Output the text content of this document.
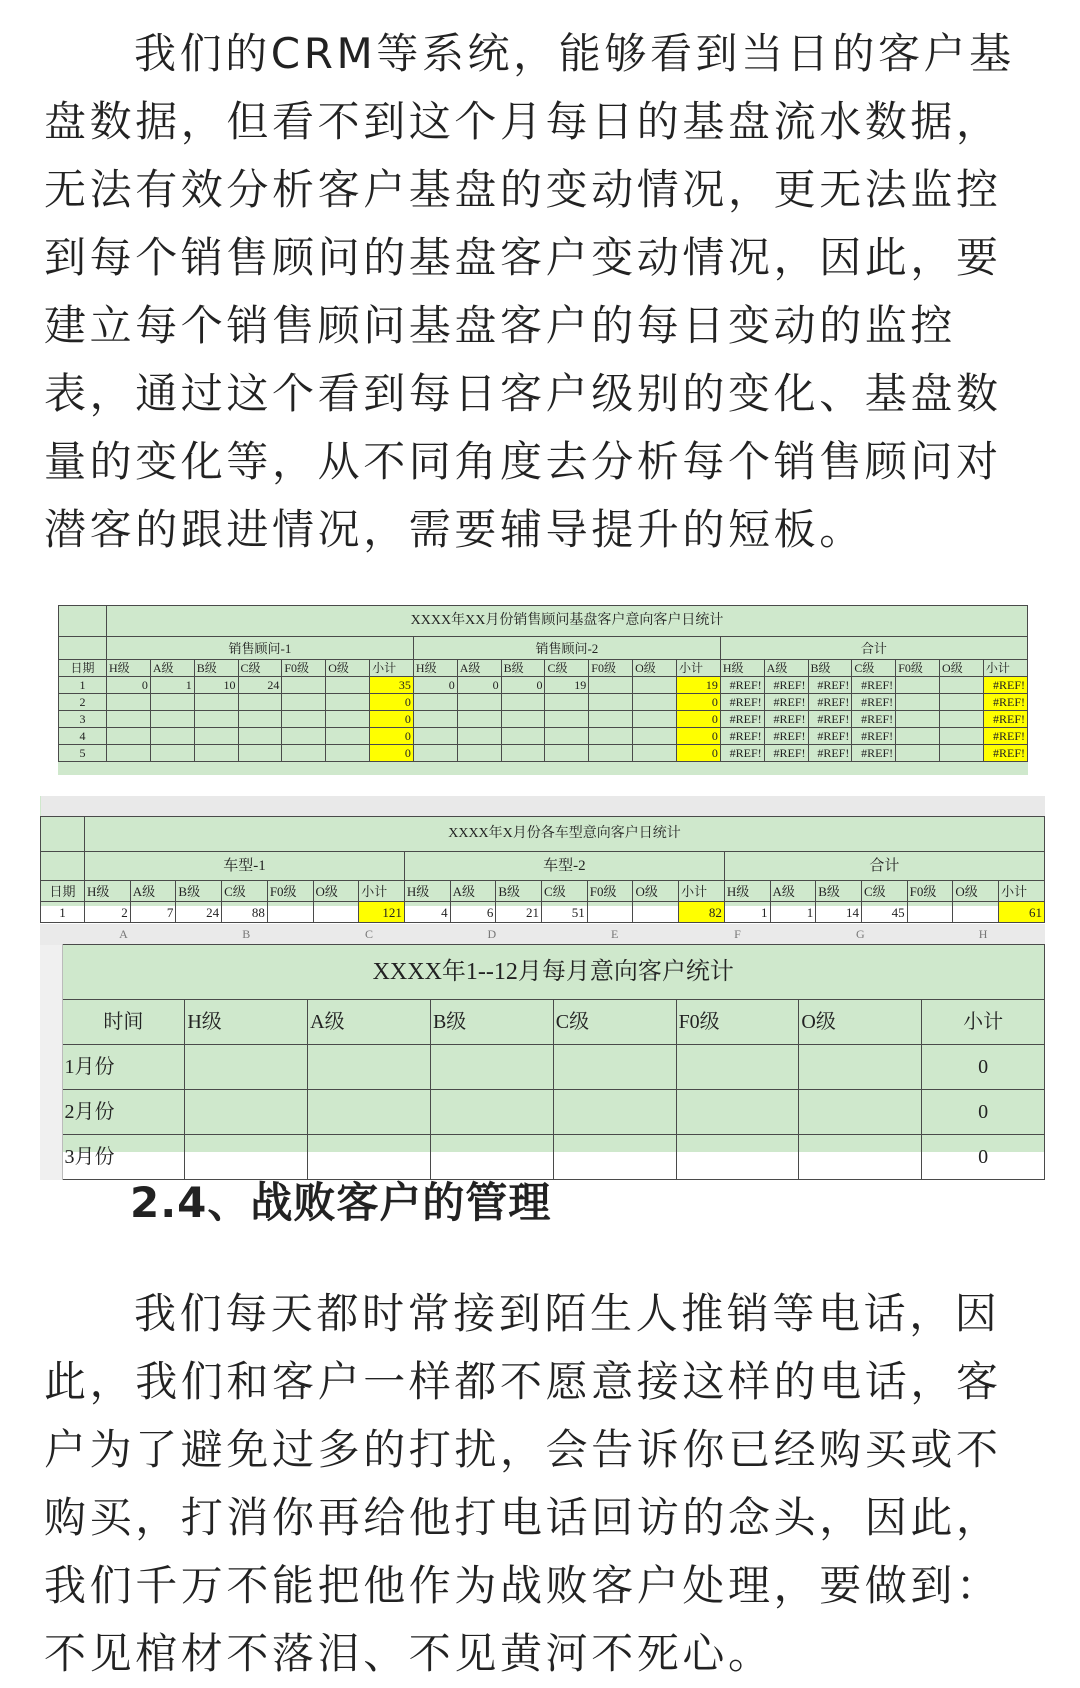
我们的CRM等系统，能够看到当日的客户基盘数据，但看不到这个月每日的基盘流水数据，无法有效分析客户基盘的变动情况，更无法监控到每个销售顾问的基盘客户变动情况，因此，要建立每个销售顾问基盘客户的每日变动的监控表，通过这个看到每日客户级别的变化、基盘数量的变化等，从不同角度去分析每个销售顾问对潜客的跟进情况，需要辅导提升的短板。

	XXXX年XX月份销售顾问基盘客户意向客户日统计																				
	销售顾问-1							销售顾问-2							合计						
日期	H级	A级	B级	C级	F0级	O级	小计	H级	A级	B级	C级	F0级	O级	小计	H级	A级	B级	C级	F0级	O级	小计
1	0	1	10	24			35	0	0	0	19			19	#REF!	#REF!	#REF!	#REF!			#REF!
2							0							0	#REF!	#REF!	#REF!	#REF!			#REF!
3							0							0	#REF!	#REF!	#REF!	#REF!			#REF!
4							0							0	#REF!	#REF!	#REF!	#REF!			#REF!
5							0							0	#REF!	#REF!	#REF!	#REF!			#REF!

	XXXX年X月份各车型意向客户日统计																				
	车型-1							车型-2							合计						
日期	H级	A级	B级	C级	F0级	O级	小计	H级	A级	B级	C级	F0级	O级	小计	H级	A级	B级	C级	F0级	O级	小计
1	2	7	24	88			121	4	6	21	51			82	1	1	14	45			61
	A	B	C	D	E	F	G	H
	XXXX年1--12月每月意向客户统计							
	时间	H级	A级	B级	C级	F0级	O级	小计
	1月份							0
	2月份							0
	3月份							0
2.4、战败客户的管理

我们每天都时常接到陌生人推销等电话，因此，我们和客户一样都不愿意接这样的电话，客户为了避免过多的打扰，会告诉你已经购买或不购买，打消你再给他打电话回访的念头，因此，我们千万不能把他作为战败客户处理，要做到：不见棺材不落泪、不见黄河不死心。
